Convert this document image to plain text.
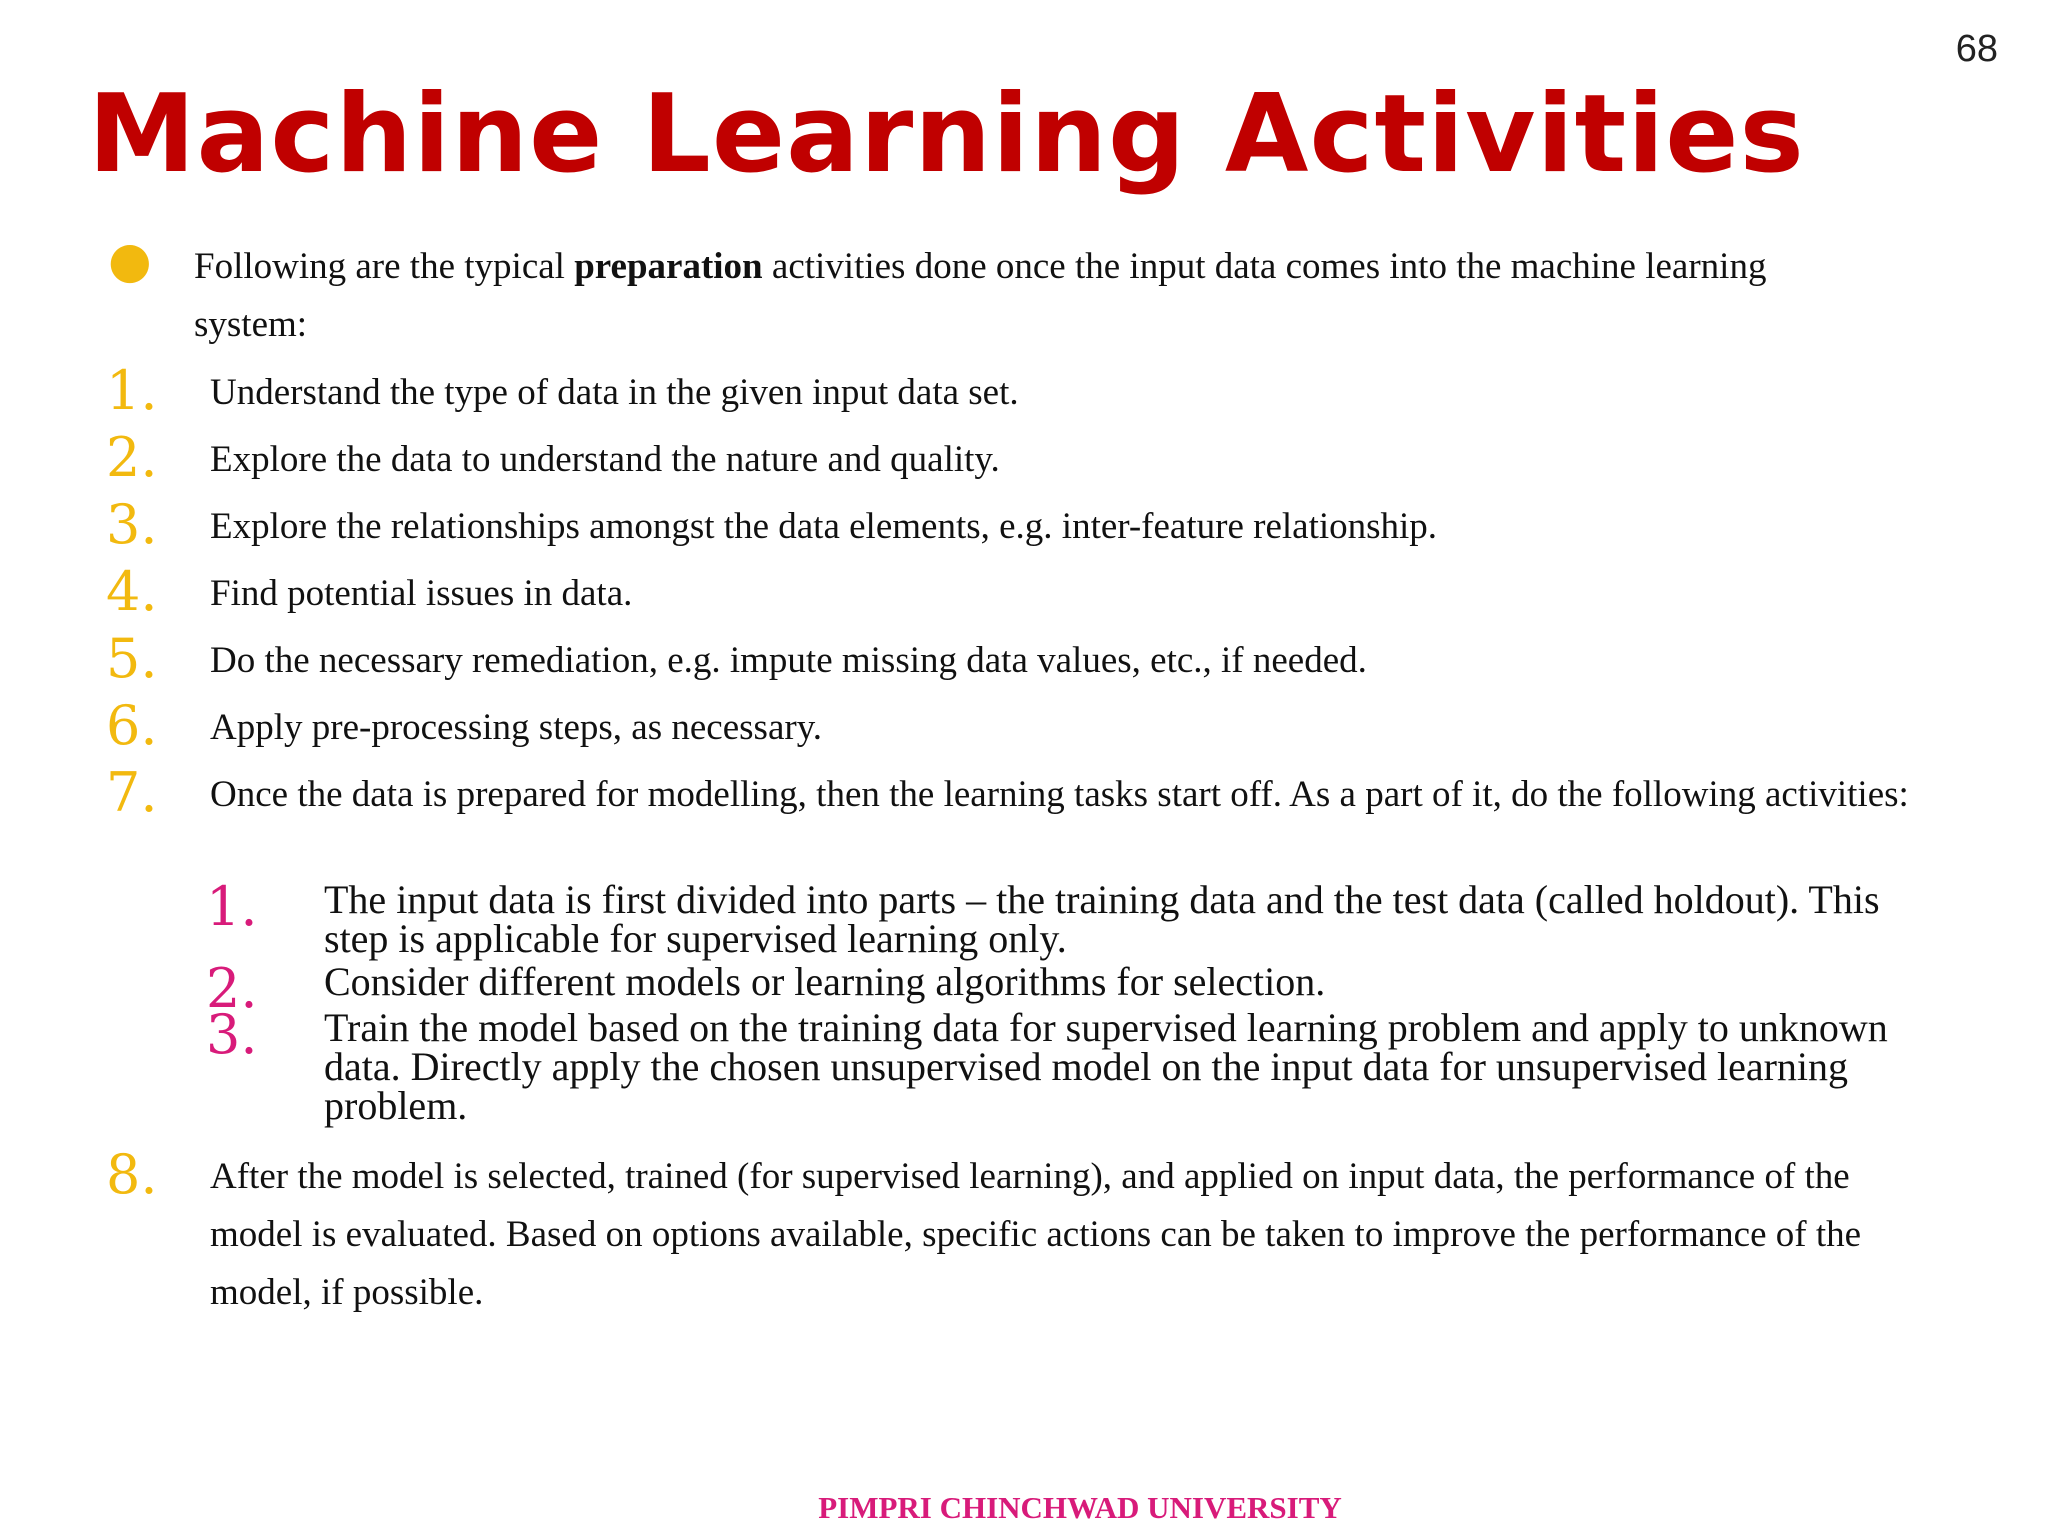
68
Machine Learning Activities
● Following are the typical preparation activities done once the input data comes into the machine learning system:
1. Understand the type of data in the given input data set.
2. Explore the data to understand the nature and quality.
3. Explore the relationships amongst the data elements, e.g. inter-feature relationship.
4. Find potential issues in data.
5. Do the necessary remediation, e.g. impute missing data values, etc., if needed.
6. Apply pre-processing steps, as necessary.
7. Once the data is prepared for modelling, then the learning tasks start off. As a part of it, do the following activities:
1. The input data is first divided into parts – the training data and the test data (called holdout). This step is applicable for supervised learning only.
2. Consider different models or learning algorithms for selection.
3. Train the model based on the training data for supervised learning problem and apply to unknown data. Directly apply the chosen unsupervised model on the input data for unsupervised learning problem.
8. After the model is selected, trained (for supervised learning), and applied on input data, the performance of the model is evaluated. Based on options available, specific actions can be taken to improve the performance of the model, if possible.
PIMPRI CHINCHWAD UNIVERSITY
